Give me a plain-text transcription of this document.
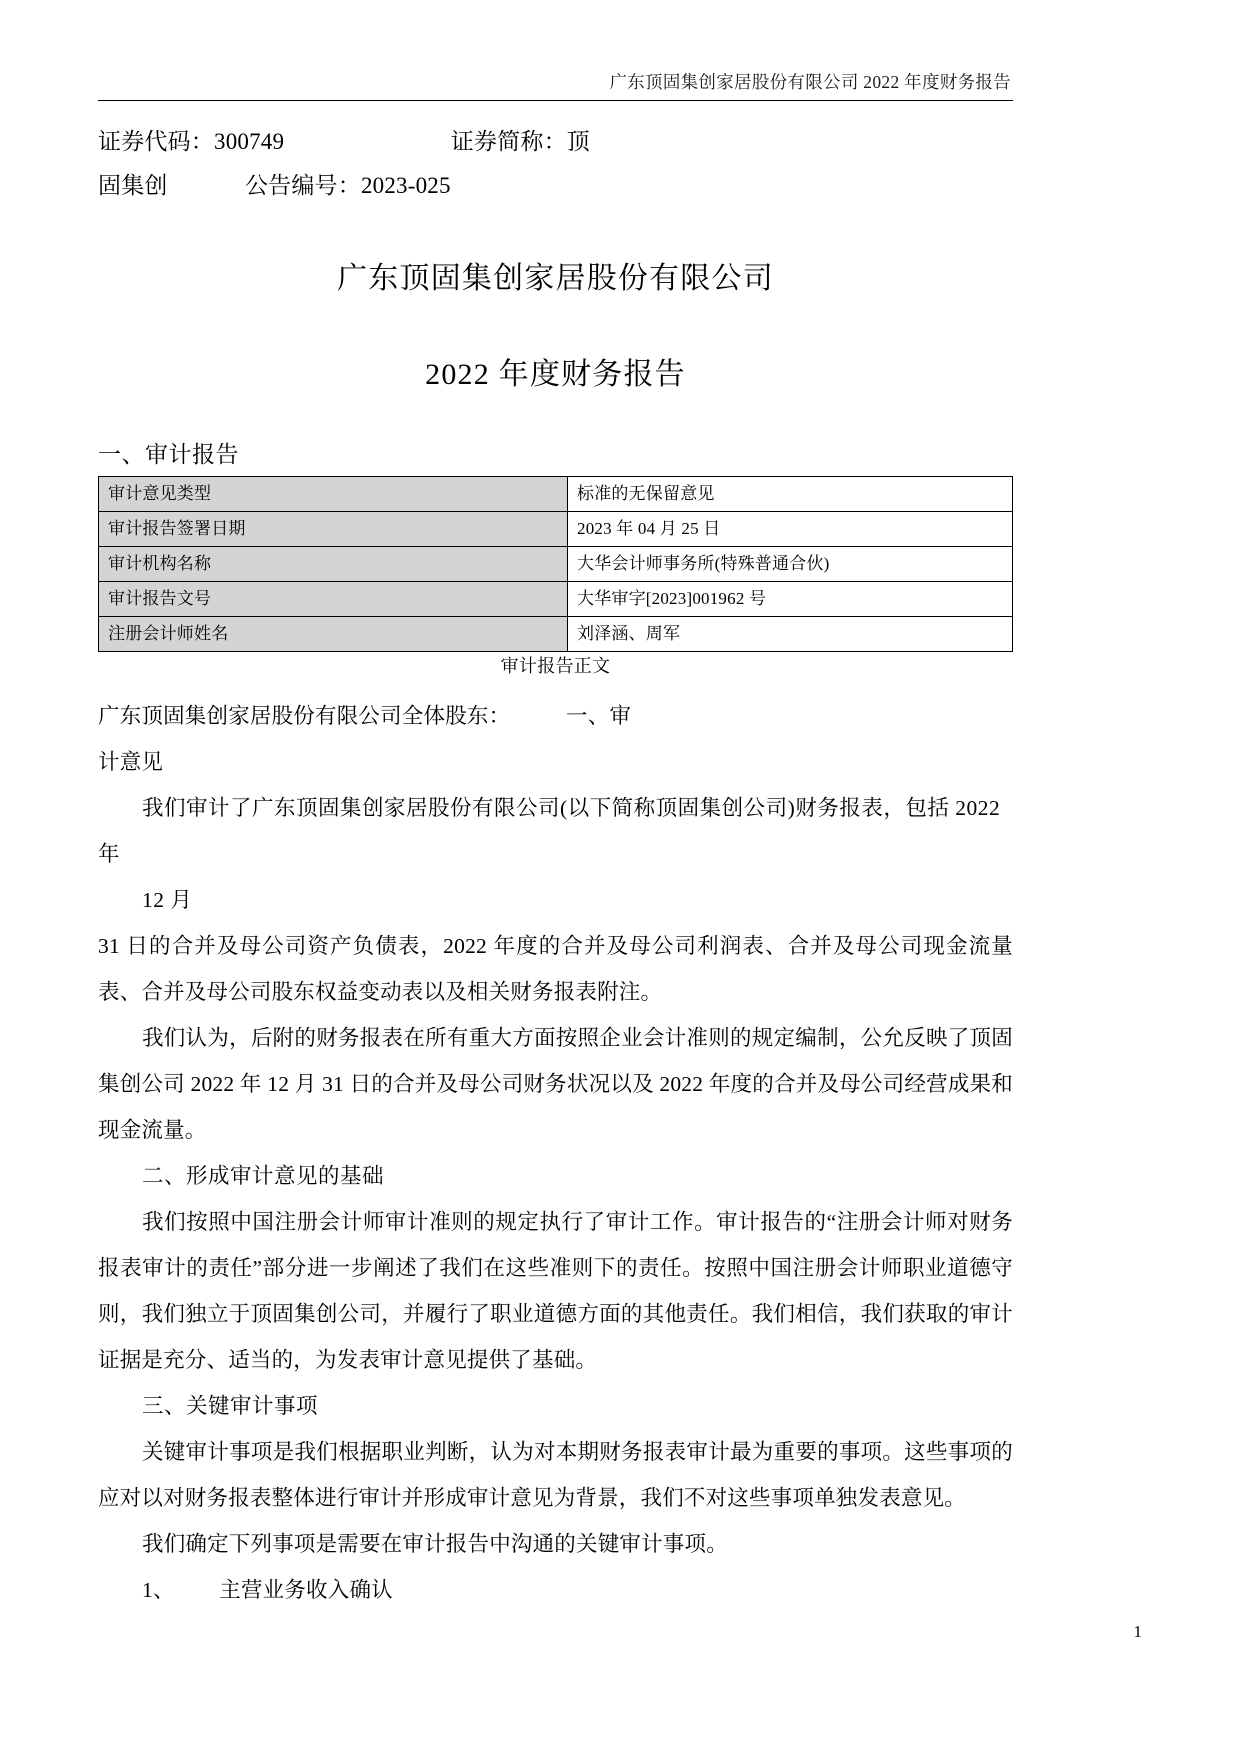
广东顶固集创家居股份有限公司 2022 年度财务报告
证券代码：300749                            证券简称：顶
固集创             公告编号：2023-025
广东顶固集创家居股份有限公司
2022 年度财务报告
一、审计报告
审计意见类型	标准的无保留意见
审计报告签署日期	2023 年 04 月 25 日
审计机构名称	大华会计师事务所(特殊普通合伙)
审计报告文号	大华审字[2023]001962 号
注册会计师姓名	刘泽涵、周军
审计报告正文

广东顶固集创家居股份有限公司全体股东：          一、审

计意见

我们审计了广东顶固集创家居股份有限公司(以下简称顶固集创公司)财务报表，包括 2022 年

12 月

31 日的合并及母公司资产负债表，2022 年度的合并及母公司利润表、合并及母公司现金流量表、合并及母公司股东权益变动表以及相关财务报表附注。

我们认为，后附的财务报表在所有重大方面按照企业会计准则的规定编制，公允反映了顶固集创公司 2022 年 12 月 31 日的合并及母公司财务状况以及 2022 年度的合并及母公司经营成果和现金流量。

二、形成审计意见的基础

我们按照中国注册会计师审计准则的规定执行了审计工作。审计报告的“注册会计师对财务报表审计的责任”部分进一步阐述了我们在这些准则下的责任。按照中国注册会计师职业道德守则，我们独立于顶固集创公司，并履行了职业道德方面的其他责任。我们相信，我们获取的审计证据是充分、适当的，为发表审计意见提供了基础。

三、关键审计事项

关键审计事项是我们根据职业判断，认为对本期财务报表审计最为重要的事项。这些事项的应对以对财务报表整体进行审计并形成审计意见为背景，我们不对这些事项单独发表意见。

我们确定下列事项是需要在审计报告中沟通的关键审计事项。

1、        主营业务收入确认

1
